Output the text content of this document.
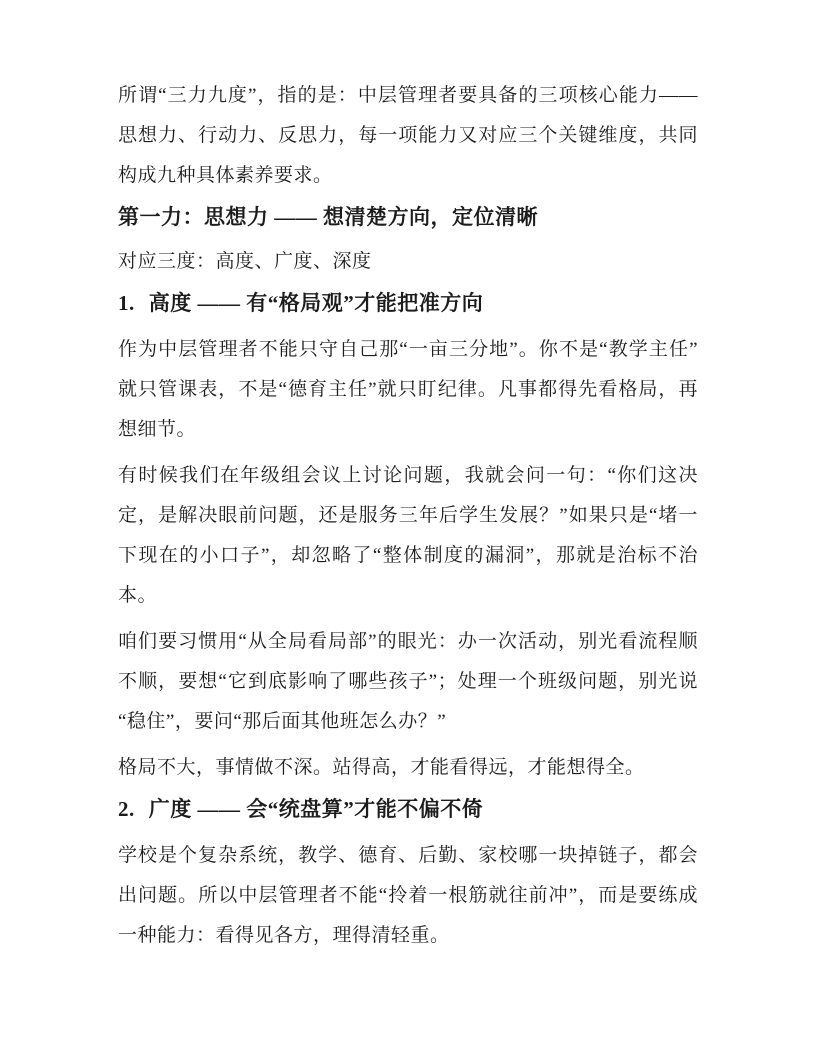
所谓“三力九度”，指的是：中层管理者要具备的三项核心能力——思想力、行动力、反思力，每一项能力又对应三个关键维度，共同构成九种具体素养要求。

第一力：思想力 —— 想清楚方向，定位清晰

对应三度：高度、广度、深度

1. 高度 —— 有“格局观”才能把准方向

作为中层管理者不能只守自己那“一亩三分地”。你不是“教学主任”就只管课表，不是“德育主任”就只盯纪律。凡事都得先看格局，再想细节。

有时候我们在年级组会议上讨论问题，我就会问一句：“你们这决定，是解决眼前问题，还是服务三年后学生发展？”如果只是“堵一下现在的小口子”，却忽略了“整体制度的漏洞”，那就是治标不治本。

咱们要习惯用“从全局看局部”的眼光：办一次活动，别光看流程顺不顺，要想“它到底影响了哪些孩子”；处理一个班级问题，别光说“稳住”，要问“那后面其他班怎么办？”

格局不大，事情做不深。站得高，才能看得远，才能想得全。

2. 广度 —— 会“统盘算”才能不偏不倚

学校是个复杂系统，教学、德育、后勤、家校哪一块掉链子，都会出问题。所以中层管理者不能“拎着一根筋就往前冲”，而是要练成一种能力：看得见各方，理得清轻重。
